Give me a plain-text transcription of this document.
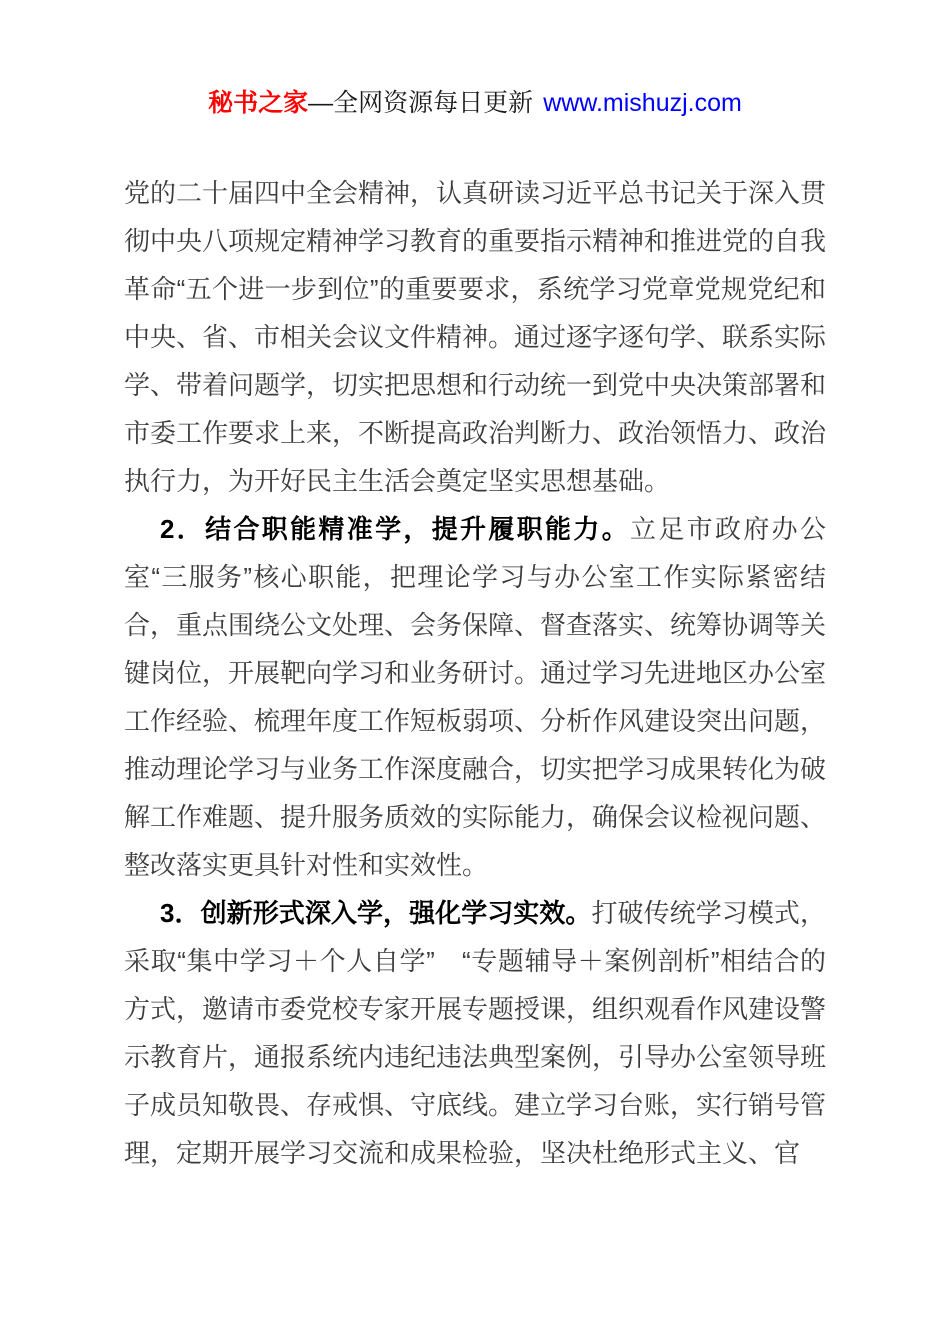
秘书之家—全网资源每日更新 www.mishuzj.com

党的二十届四中全会精神，认真研读习近平总书记关于深入贯彻中央八项规定精神学习教育的重要指示精神和推进党的自我革命“五个进一步到位”的重要要求，系统学习党章党规党纪和中央、省、市相关会议文件精神。通过逐字逐句学、联系实际学、带着问题学，切实把思想和行动统一到党中央决策部署和市委工作要求上来，不断提高政治判断力、政治领悟力、政治执行力，为开好民主生活会奠定坚实思想基础。

2．结合职能精准学，提升履职能力。立足市政府办公室“三服务”核心职能，把理论学习与办公室工作实际紧密结合，重点围绕公文处理、会务保障、督查落实、统筹协调等关键岗位，开展靶向学习和业务研讨。通过学习先进地区办公室工作经验、梳理年度工作短板弱项、分析作风建设突出问题，推动理论学习与业务工作深度融合，切实把学习成果转化为破解工作难题、提升服务质效的实际能力，确保会议检视问题、整改落实更具针对性和实效性。

3．创新形式深入学，强化学习实效。打破传统学习模式，采取“集中学习＋个人自学”　“专题辅导＋案例剖析”相结合的方式，邀请市委党校专家开展专题授课，组织观看作风建设警示教育片，通报系统内违纪违法典型案例，引导办公室领导班子成员知敬畏、存戒惧、守底线。建立学习台账，实行销号管理，定期开展学习交流和成果检验，坚决杜绝形式主义、官
